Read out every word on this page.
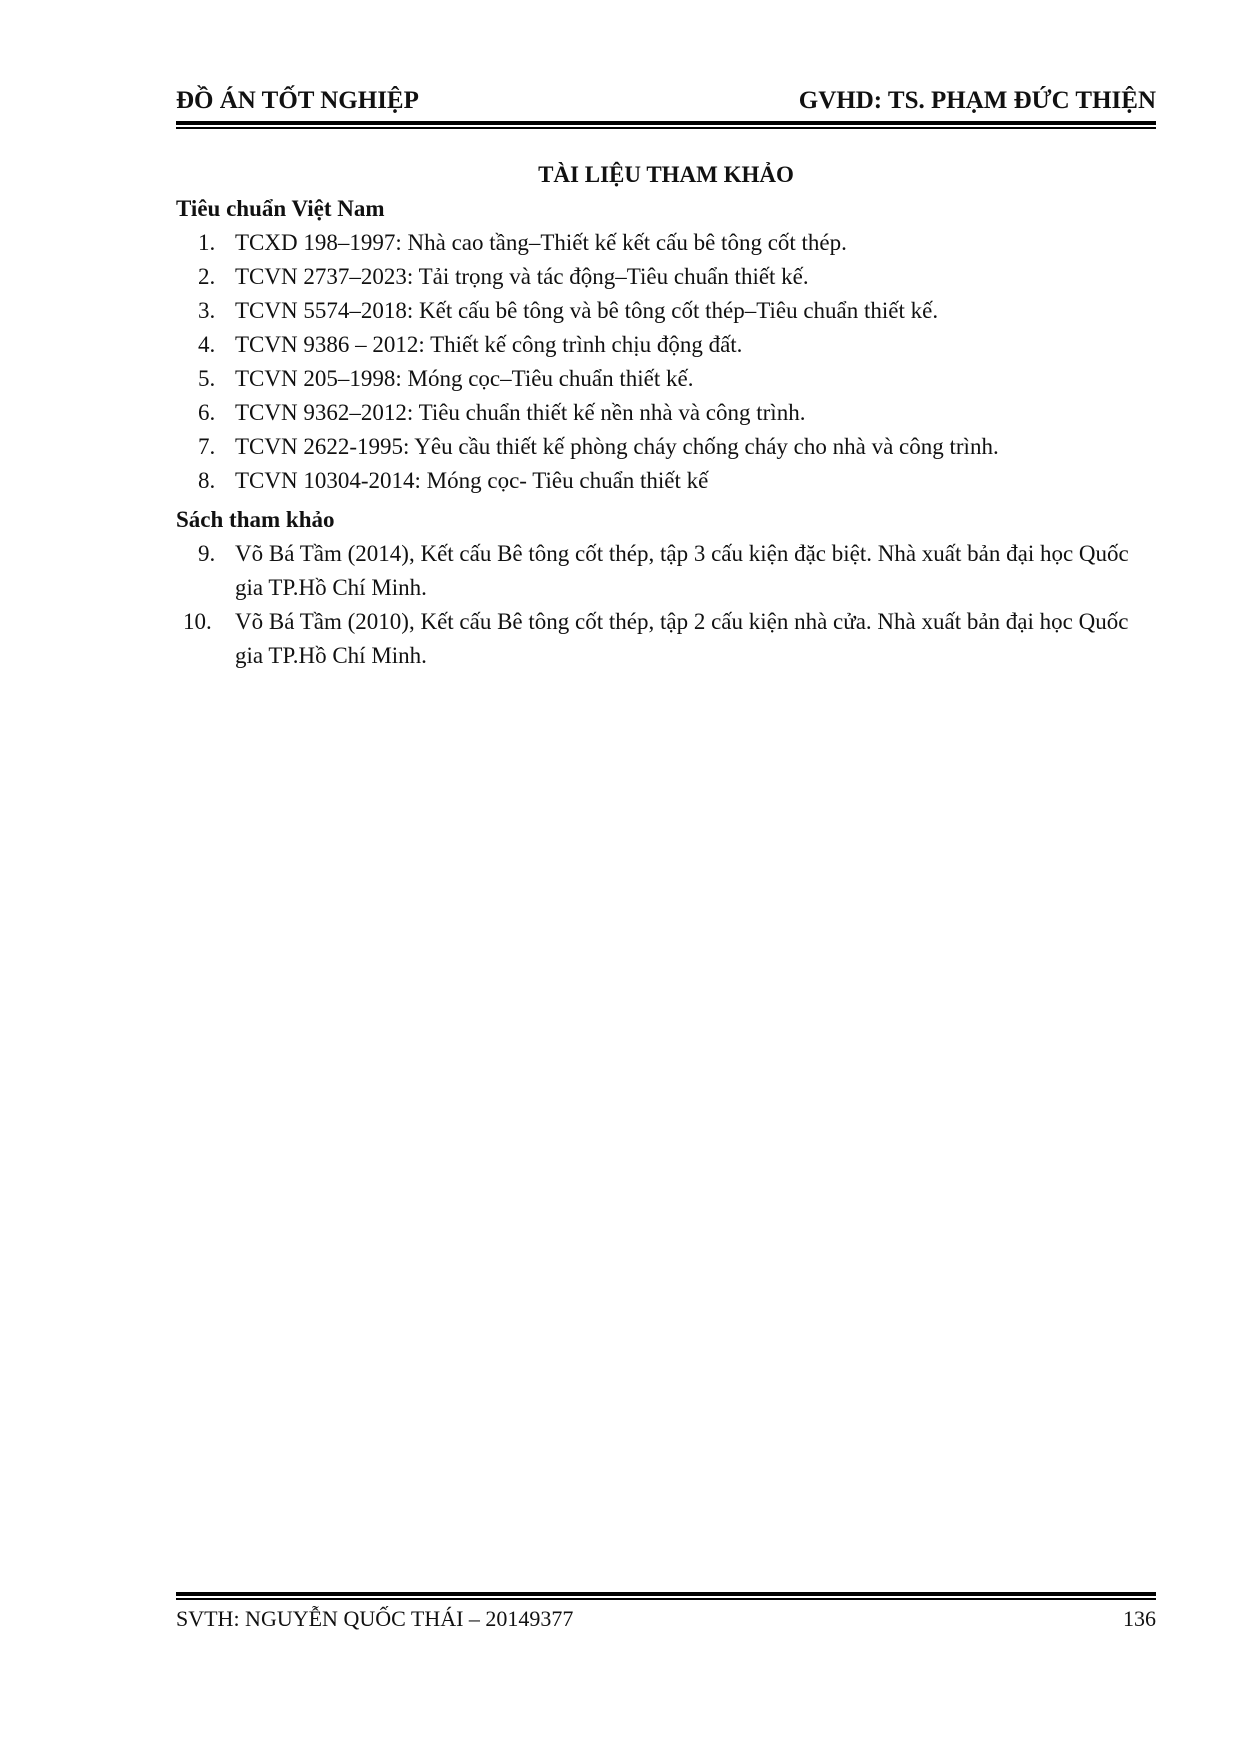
ĐỒ ÁN TỐT NGHIỆP	GVHD: TS. PHẠM ĐỨC THIỆN
TÀI LIỆU THAM KHẢO
Tiêu chuẩn Việt Nam
1. TCXD 198–1997: Nhà cao tầng–Thiết kế kết cấu bê tông cốt thép.
2. TCVN 2737–2023: Tải trọng và tác động–Tiêu chuẩn thiết kế.
3. TCVN 5574–2018: Kết cấu bê tông và bê tông cốt thép–Tiêu chuẩn thiết kế.
4. TCVN 9386 – 2012: Thiết kế công trình chịu động đất.
5. TCVN 205–1998: Móng cọc–Tiêu chuẩn thiết kế.
6. TCVN 9362–2012: Tiêu chuẩn thiết kế nền nhà và công trình.
7. TCVN 2622-1995: Yêu cầu thiết kế phòng cháy chống cháy cho nhà và công trình.
8. TCVN 10304-2014: Móng cọc- Tiêu chuẩn thiết kế
Sách tham khảo
9. Võ Bá Tầm (2014), Kết cấu Bê tông cốt thép, tập 3 cấu kiện đặc biệt. Nhà xuất bản đại học Quốc gia TP.Hồ Chí Minh.
10. Võ Bá Tầm (2010), Kết cấu Bê tông cốt thép, tập 2 cấu kiện nhà cửa. Nhà xuất bản đại học Quốc gia TP.Hồ Chí Minh.
SVTH: NGUYỄN QUỐC THÁI – 20149377	136
